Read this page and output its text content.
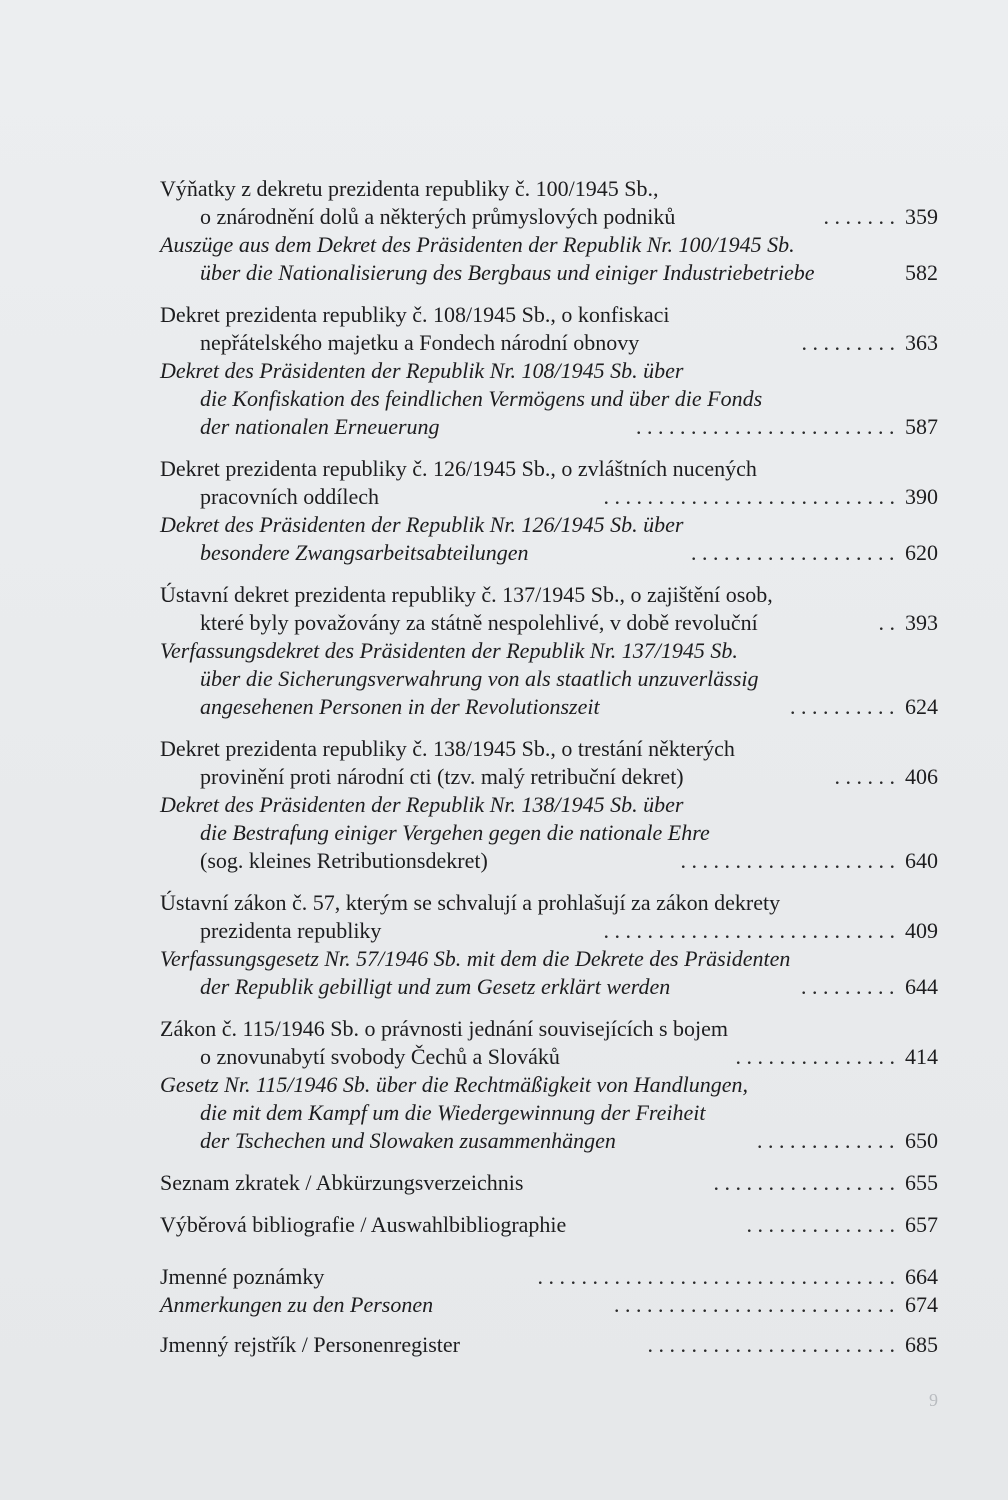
Výňatky z dekretu prezidenta republiky č. 100/1945 Sb.,
o znárodnění dolů a některých průmyslových podniků	. . . . . . . 359
Auszüge aus dem Dekret des Präsidenten der Republik Nr. 100/1945 Sb.
über die Nationalisierung des Bergbaus und einiger Industriebetriebe	582
Dekret prezidenta republiky č. 108/1945 Sb., o konfiskaci
nepřátelského majetku a Fondech národní obnovy	. . . . . . . . . 363
Dekret des Präsidenten der Republik Nr. 108/1945 Sb. über
die Konfiskation des feindlichen Vermögens und über die Fonds
der nationalen Erneuerung	. . . . . . . . . . . . . . . . . . . . . . . . 587
Dekret prezidenta republiky č. 126/1945 Sb., o zvláštních nucených
pracovních oddílech	. . . . . . . . . . . . . . . . . . . . . . . . . . . 390
Dekret des Präsidenten der Republik Nr. 126/1945 Sb. über
besondere Zwangsarbeitsabteilungen	. . . . . . . . . . . . . . . . . . . 620
Ústavní dekret prezidenta republiky č. 137/1945 Sb., o zajištění osob,
které byly považovány za státně nespolehlivé, v době revoluční	. . 393
Verfassungsdekret des Präsidenten der Republik Nr. 137/1945 Sb.
über die Sicherungsverwahrung von als staatlich unzuverlässig
angesehenen Personen in der Revolutionszeit	. . . . . . . . . . 624
Dekret prezidenta republiky č. 138/1945 Sb., o trestání některých
provinění proti národní cti (tzv. malý retribuční dekret)	. . . . . . 406
Dekret des Präsidenten der Republik Nr. 138/1945 Sb. über
die Bestrafung einiger Vergehen gegen die nationale Ehre
(sog. kleines Retributionsdekret)	. . . . . . . . . . . . . . . . . . . . 640
Ústavní zákon č. 57, kterým se schvalují a prohlašují za zákon dekrety
prezidenta republiky	. . . . . . . . . . . . . . . . . . . . . . . . . . . 409
Verfassungsgesetz Nr. 57/1946 Sb. mit dem die Dekrete des Präsidenten
der Republik gebilligt und zum Gesetz erklärt werden	. . . . . . . . . 644
Zákon č. 115/1946 Sb. o právnosti jednání souvisejících s bojem
o znovunabytí svobody Čechů a Slováků	. . . . . . . . . . . . . . . 414
Gesetz Nr. 115/1946 Sb. über die Rechtmäßigkeit von Handlungen,
die mit dem Kampf um die Wiedergewinnung der Freiheit
der Tschechen und Slowaken zusammenhängen	. . . . . . . . . . . . . 650
Seznam zkratek / Abkürzungsverzeichnis	. . . . . . . . . . . . . . . . . 655
Výběrová bibliografie / Auswahlbibliographie	. . . . . . . . . . . . . . 657
Jmenné poznámky	. . . . . . . . . . . . . . . . . . . . . . . . . . . . . . . . . 664
Anmerkungen zu den Personen	. . . . . . . . . . . . . . . . . . . . . . . . . . 674
Jmenný rejstřík / Personenregister	. . . . . . . . . . . . . . . . . . . . . . . 685
9
